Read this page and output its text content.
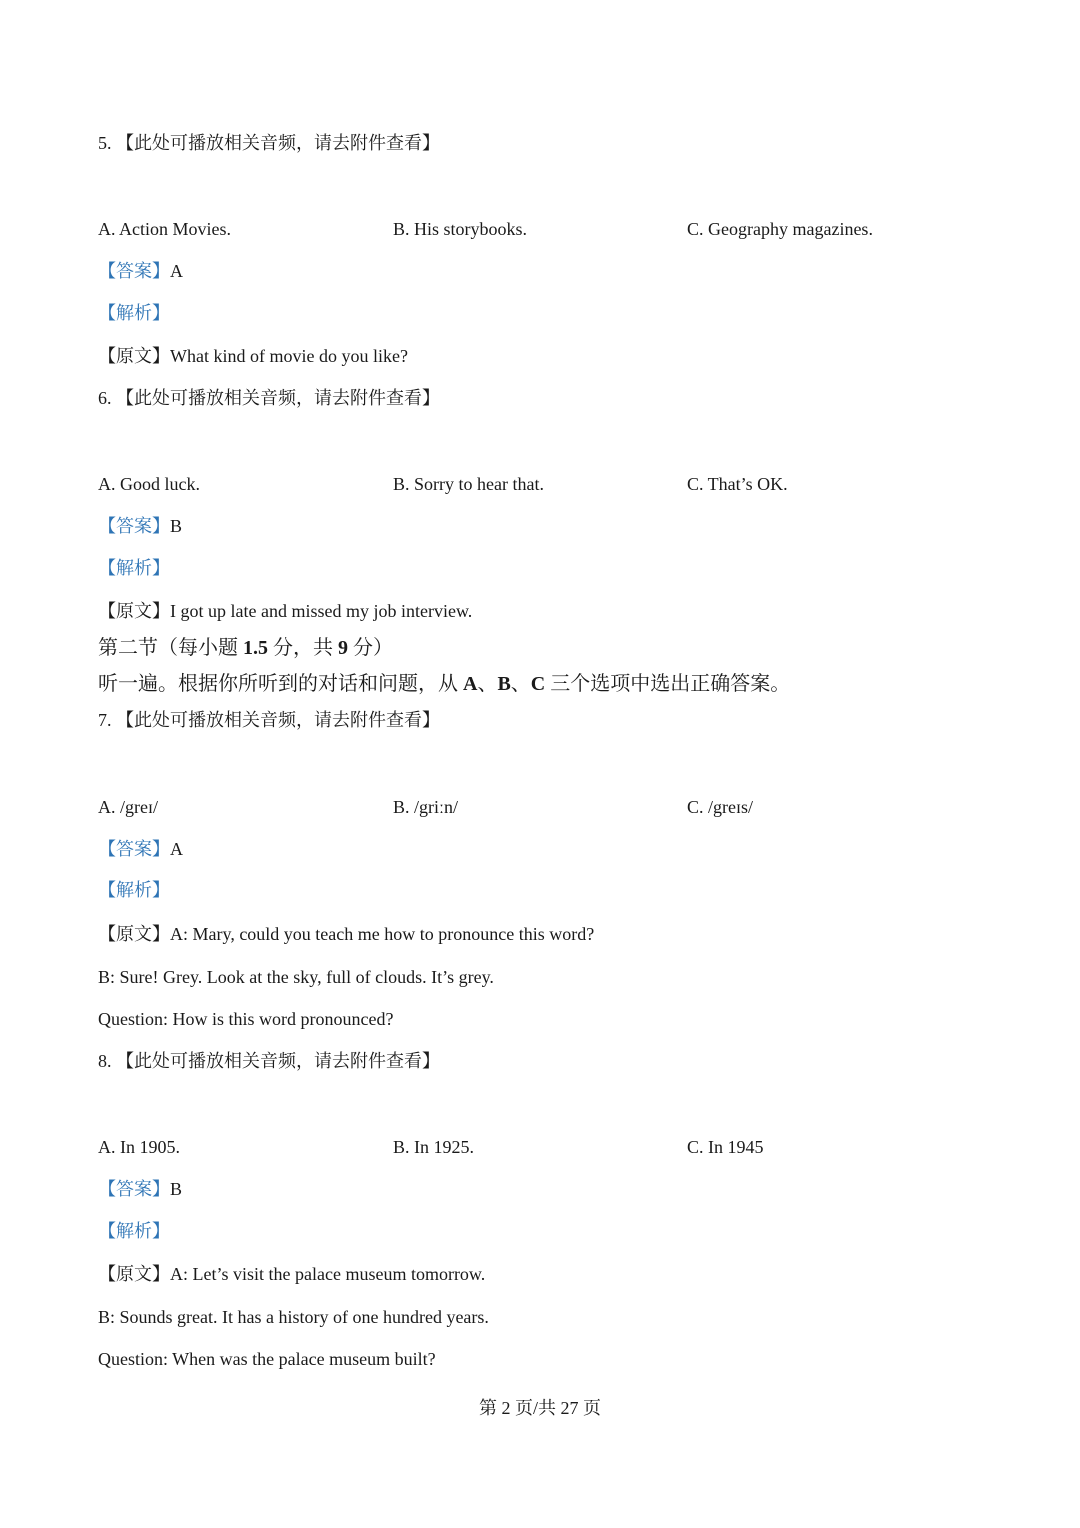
5. 【此处可播放相关音频，请去附件查看】
A. Action Movies.	B. His storybooks.	C. Geography magazines.
【答案】A
【解析】
【原文】What kind of movie do you like?
6. 【此处可播放相关音频，请去附件查看】
A. Good luck.	B. Sorry to hear that.	C. That’s OK.
【答案】B
【解析】
【原文】I got up late and missed my job interview.
第二节（每小题 1.5 分，共 9 分）
听一遍。根据你所听到的对话和问题，从 A、B、C 三个选项中选出正确答案。
7. 【此处可播放相关音频，请去附件查看】
A. /greɪ/	B. /griːn/	C. /greɪs/
【答案】A
【解析】
【原文】A: Mary, could you teach me how to pronounce this word?
B: Sure! Grey. Look at the sky, full of clouds. It’s grey.
Question: How is this word pronounced?
8. 【此处可播放相关音频，请去附件查看】
A. In 1905.	B. In 1925.	C. In 1945
【答案】B
【解析】
【原文】A: Let’s visit the palace museum tomorrow.
B: Sounds great. It has a history of one hundred years.
Question: When was the palace museum built?
第 2 页/共 27 页
